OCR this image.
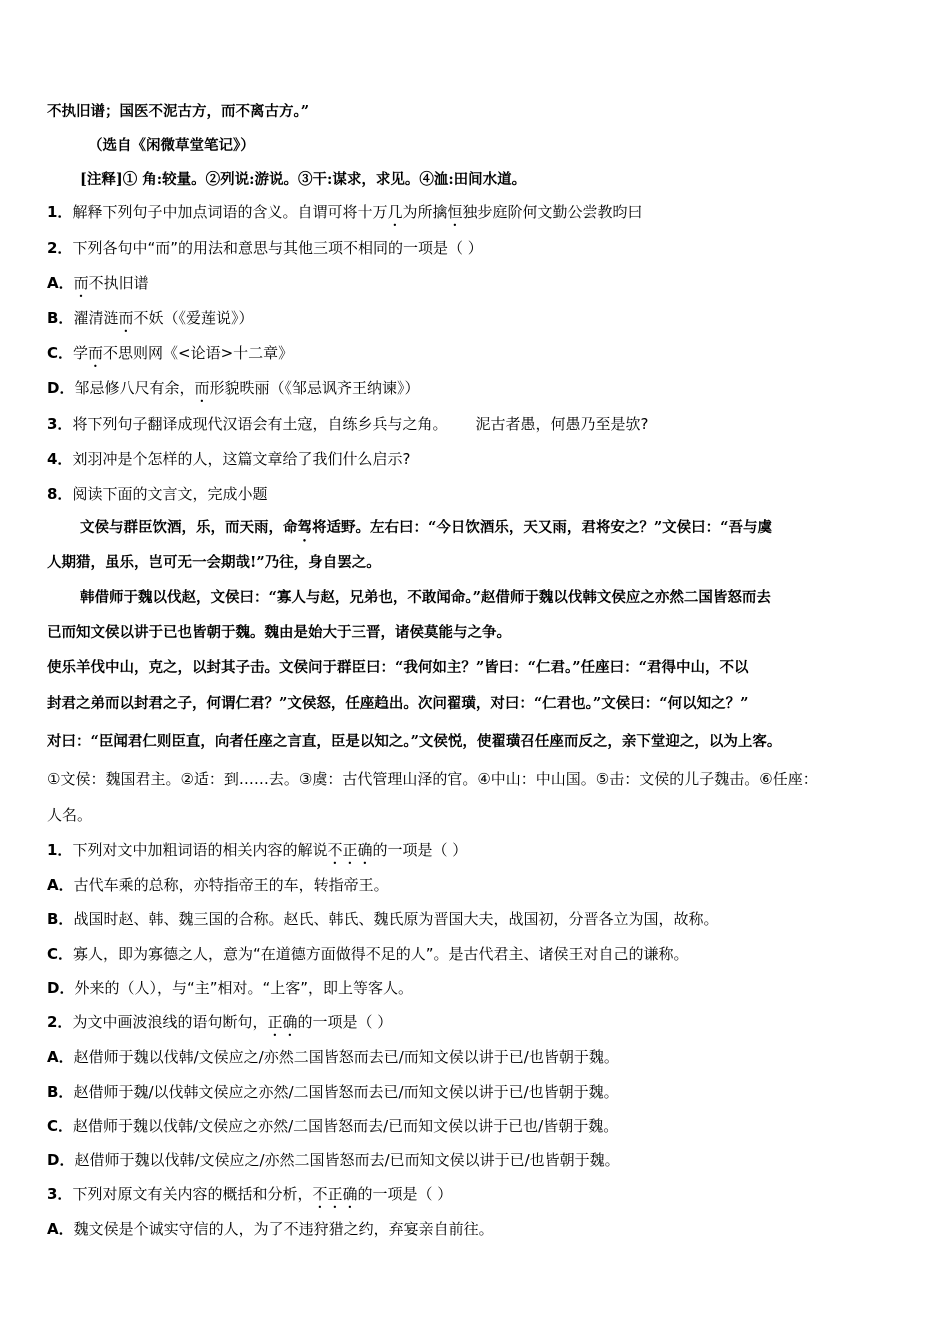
不执旧谱；国医不泥古方，而不离古方。”
（选自《闲微草堂笔记》）
[注释]① 角:较量。②列说:游说。③干:谋求，求见。④洫:田间水道。
1．解释下列句子中加点词语的含义。自谓可将十万几为所擒恒独步庭阶何文勤公尝教昀曰
2．下列各句中“而”的用法和意思与其他三项不相同的一项是（ ）
A．而不执旧谱
B．濯清涟而不妖（《爱莲说》）
C．学而不思则网《<论语>十二章》
D．邹忌修八尺有余，而形貌昳丽（《邹忌讽齐王纳谏》）
3．将下列句子翻译成现代汉语会有土寇，自练乡兵与之角。 泥古者愚，何愚乃至是欤?
4．刘羽冲是个怎样的人，这篇文章给了我们什么启示?
8．阅读下面的文言文，完成小题
文侯与群臣饮酒，乐，而天雨，命驾将适野。左右曰：“今日饮酒乐，天又雨，君将安之？”文侯曰：“吾与虞
人期猎，虽乐，岂可无一会期哉!”乃往，身自罢之。
韩借师于魏以伐赵，文侯曰：“寡人与赵，兄弟也，不敢闻命。”赵借师于魏以伐韩文侯应之亦然二国皆怒而去
已而知文侯以讲于已也皆朝于魏。魏由是始大于三晋，诸侯莫能与之争。
使乐羊伐中山，克之，以封其子击。文侯问于群臣曰：“我何如主？”皆曰：“仁君。”任座曰：“君得中山，不以
封君之弟而以封君之子，何谓仁君？”文侯怒，任座趋出。次问翟璜，对曰：“仁君也。”文侯曰：“何以知之？”
对曰：“臣闻君仁则臣直，向者任座之言直，臣是以知之。”文侯悦，使翟璜召任座而反之，亲下堂迎之，以为上客。
①文侯：魏国君主。②适：到……去。③虞：古代管理山泽的官。④中山：中山国。⑤击：文侯的儿子魏击。⑥任座：
人名。
1．下列对文中加粗词语的相关内容的解说不正确的一项是（ ）
A．古代车乘的总称，亦特指帝王的车，转指帝王。
B．战国时赵、韩、魏三国的合称。赵氏、韩氏、魏氏原为晋国大夫，战国初，分晋各立为国，故称。
C．寡人，即为寡德之人，意为“在道德方面做得不足的人”。是古代君主、诸侯王对自己的谦称。
D．外来的（人），与“主”相对。“上客”，即上等客人。
2．为文中画波浪线的语句断句，正确的一项是（ ）
A．赵借师于魏以伐韩/文侯应之/亦然二国皆怒而去已/而知文侯以讲于已/也皆朝于魏。
B．赵借师于魏/以伐韩文侯应之亦然/二国皆怒而去已/而知文侯以讲于已/也皆朝于魏。
C．赵借师于魏以伐韩/文侯应之亦然/二国皆怒而去/已而知文侯以讲于已也/皆朝于魏。
D．赵借师于魏以伐韩/文侯应之/亦然二国皆怒而去/已而知文侯以讲于已/也皆朝于魏。
3．下列对原文有关内容的概括和分析，不正确的一项是（ ）
A．魏文侯是个诚实守信的人，为了不违狩猎之约，弃宴亲自前往。
